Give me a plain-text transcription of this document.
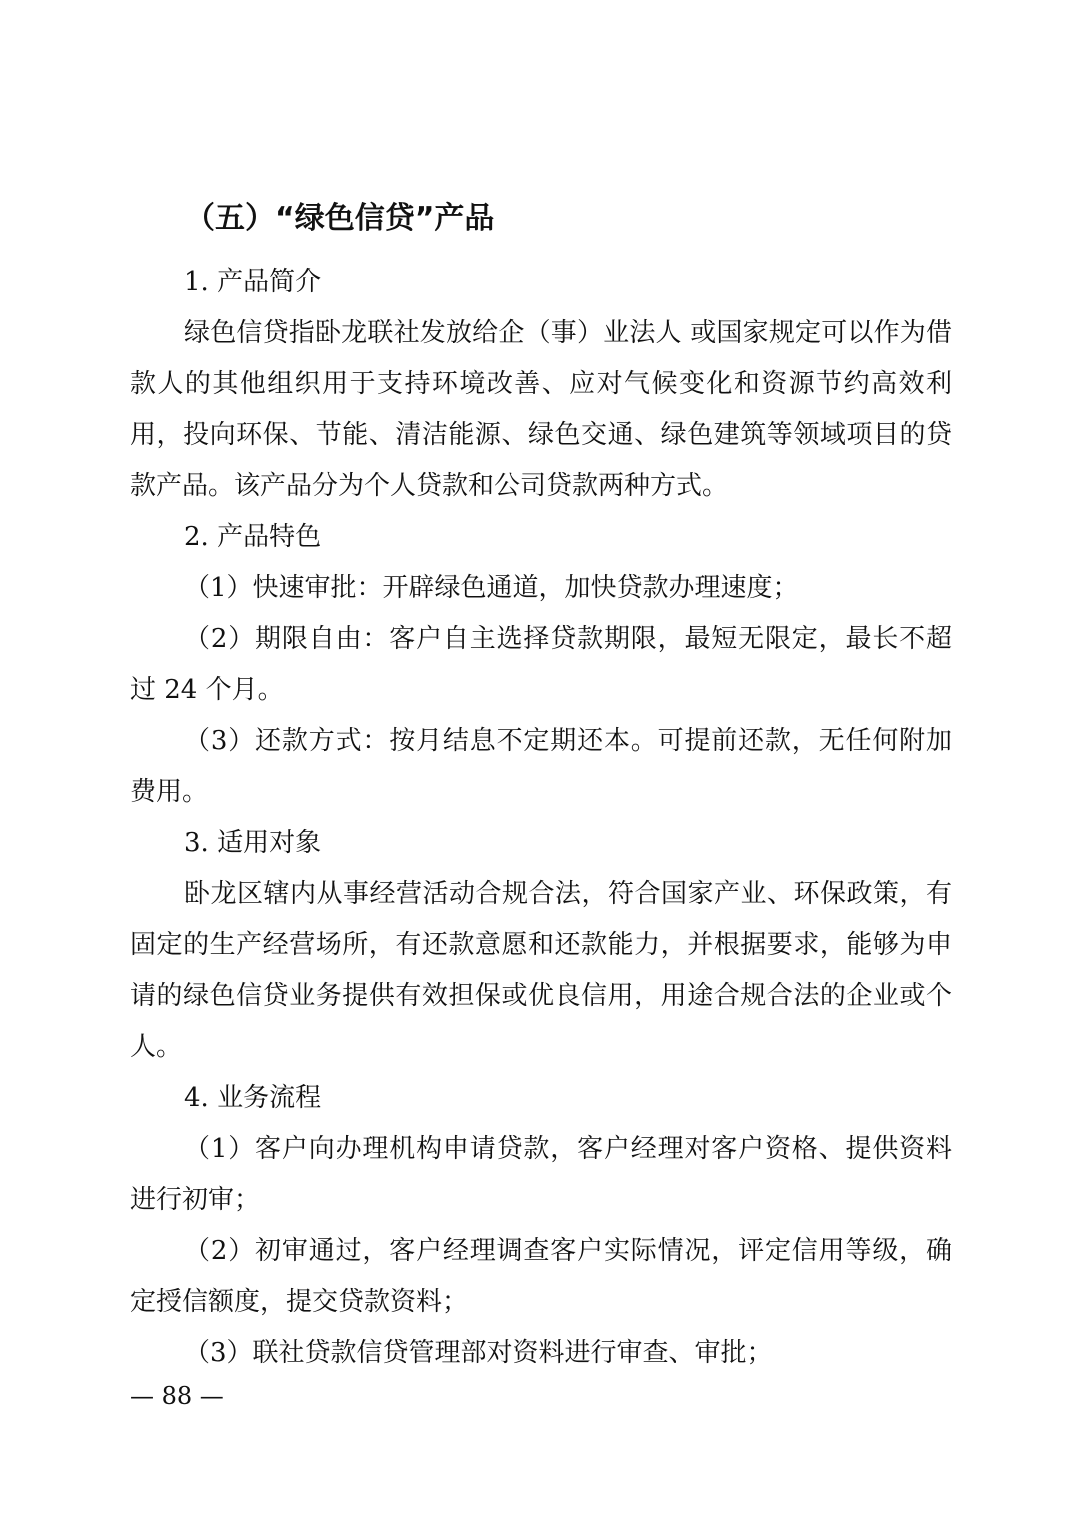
（五）“绿色信贷”产品

1. 产品简介

绿色信贷指卧龙联社发放给企（事）业法人 或国家规定可以作为借款人的其他组织用于支持环境改善、应对气候变化和资源节约高效利用，投向环保、节能、清洁能源、绿色交通、绿色建筑等领域项目的贷款产品。该产品分为个人贷款和公司贷款两种方式。

2. 产品特色

（1）快速审批：开辟绿色通道，加快贷款办理速度；

（2）期限自由：客户自主选择贷款期限，最短无限定，最长不超过 24 个月。

（3）还款方式：按月结息不定期还本。可提前还款，无任何附加费用。

3. 适用对象

卧龙区辖内从事经营活动合规合法，符合国家产业、环保政策，有固定的生产经营场所，有还款意愿和还款能力，并根据要求，能够为申请的绿色信贷业务提供有效担保或优良信用，用途合规合法的企业或个人。

4. 业务流程

（1）客户向办理机构申请贷款，客户经理对客户资格、提供资料进行初审；

（2）初审通过，客户经理调查客户实际情况，评定信用等级，确定授信额度，提交贷款资料；

（3）联社贷款信贷管理部对资料进行审查、审批；

— 88 —
